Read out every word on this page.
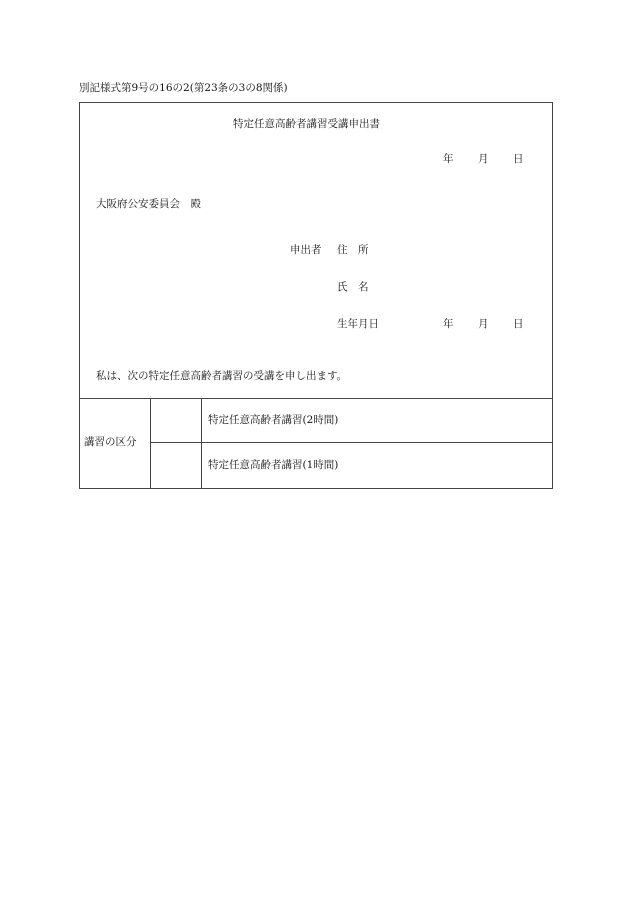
別記様式第9号の16の2(第23条の3の8関係)
特定任意高齢者講習受講申出書
年 月 日
大阪府公安委員会　殿
申出者 住　所
氏　名
生年月日	年 月 日
私は、次の特定任意高齢者講習の受講を申し出ます。
講習の区分
特定任意高齢者講習(2時間)
特定任意高齢者講習(1時間)
